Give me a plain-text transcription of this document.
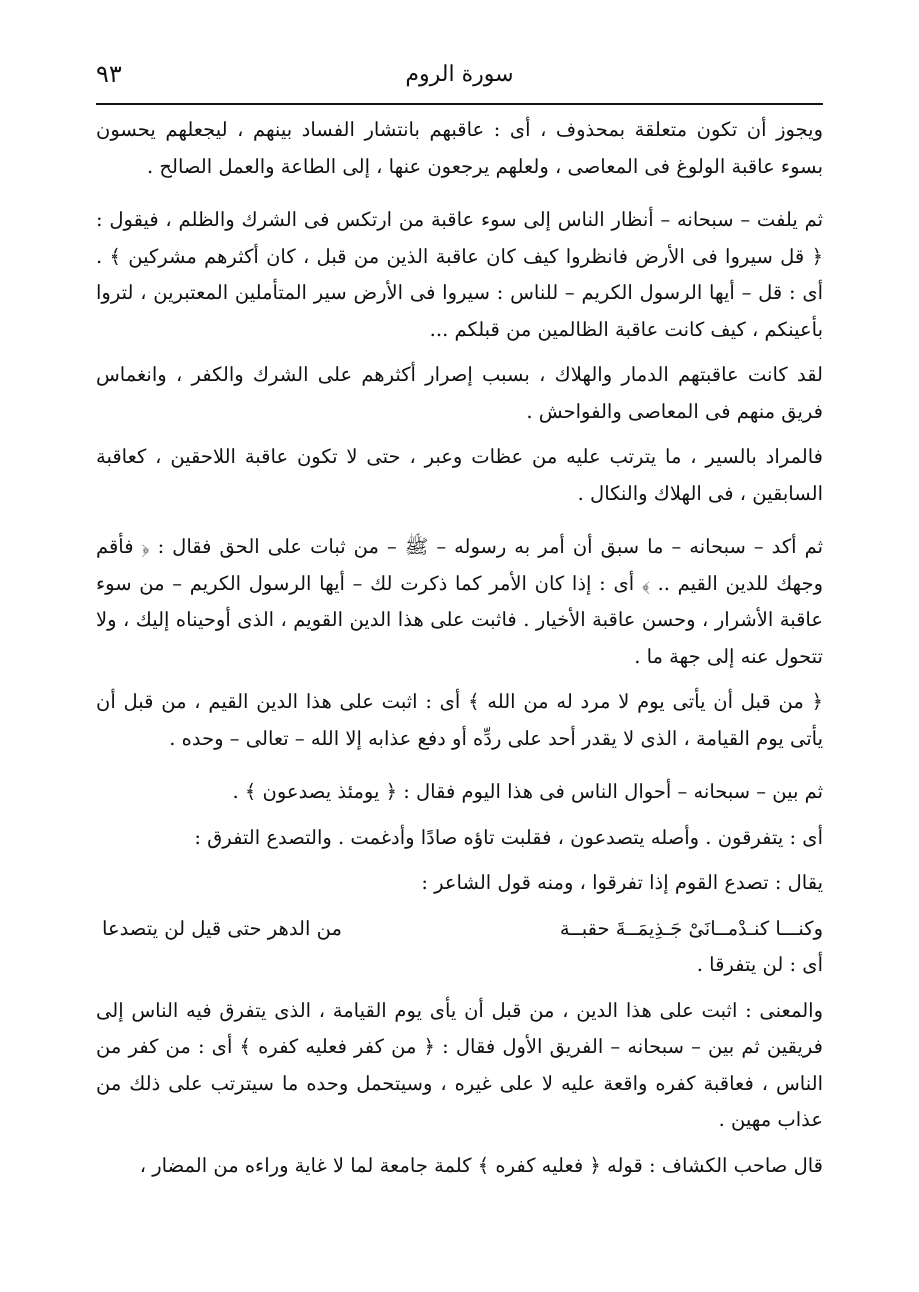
سورة الروم
٩٣

ويجوز أن تكون متعلقة بمحذوف ، أى : عاقبهم بانتشار الفساد بينهم ، ليجعلهم يحسون بسوء عاقبة الولوغ فى المعاصى ، ولعلهم يرجعون عنها ، إلى الطاعة والعمل الصالح .

ثم يلفت – سبحانه – أنظار الناس إلى سوء عاقبة من ارتكس فى الشرك والظلم ، فيقول : ﴿ قل سيروا فى الأرض فانظروا كيف كان عاقبة الذين من قبل ، كان أكثرهم مشركين ﴾ . أى : قل – أيها الرسول الكريم – للناس : سيروا فى الأرض سير المتأملين المعتبرين ، لتروا بأعينكم ، كيف كانت عاقبة الظالمين من قبلكم ...

لقد كانت عاقبتهم الدمار والهلاك ، بسبب إصرار أكثرهم على الشرك والكفر ، وانغماس فريق منهم فى المعاصى والفواحش .

فالمراد بالسير ، ما يترتب عليه من عظات وعبر ، حتى لا تكون عاقبة اللاحقين ، كعاقبة السابقين ، فى الهلاك والنكال .

ثم أكد – سبحانه – ما سبق أن أمر به رسوله – ﷺ – من ثبات على الحق فقال : ﴿ فأقم وجهك للدين القيم .. ﴾ أى : إذا كان الأمر كما ذكرت لك – أيها الرسول الكريم – من سوء عاقبة الأشرار ، وحسن عاقبة الأخيار . فاثبت على هذا الدين القويم ، الذى أوحيناه إليك ، ولا تتحول عنه إلى جهة ما .

﴿ من قبل أن يأتى يوم لا مرد له من الله ﴾ أى : اثبت على هذا الدين القيم ، من قبل أن يأتى يوم القيامة ، الذى لا يقدر أحد على ردِّه أو دفع عذابه إلا الله – تعالى – وحده .

ثم بين – سبحانه – أحوال الناس فى هذا اليوم فقال : ﴿ يومئذ يصدعون ﴾ .

أى : يتفرقون . وأصله يتصدعون ، فقلبت تاؤه صادًا وأدغمت . والتصدع التفرق :

يقال : تصدع القوم إذا تفرقوا ، ومنه قول الشاعر :

وكنـــا كنـدْمــانَىْ جَـذِيمَــةَ حقبــة
من الدهر حتى قيل لن يتصدعا

أى : لن يتفرقا .

والمعنى : اثبت على هذا الدين ، من قبل أن يأى يوم القيامة ، الذى يتفرق فيه الناس إلى فريقين ثم بين – سبحانه – الفريق الأول فقال : ﴿ من كفر فعليه كفره ﴾ أى : من كفر من الناس ، فعاقبة كفره واقعة عليه لا على غيره ، وسيتحمل وحده ما سيترتب على ذلك من عذاب مهين .

قال صاحب الكشاف : قوله ﴿ فعليه كفره ﴾ كلمة جامعة لما لا غاية وراءه من المضار ،
